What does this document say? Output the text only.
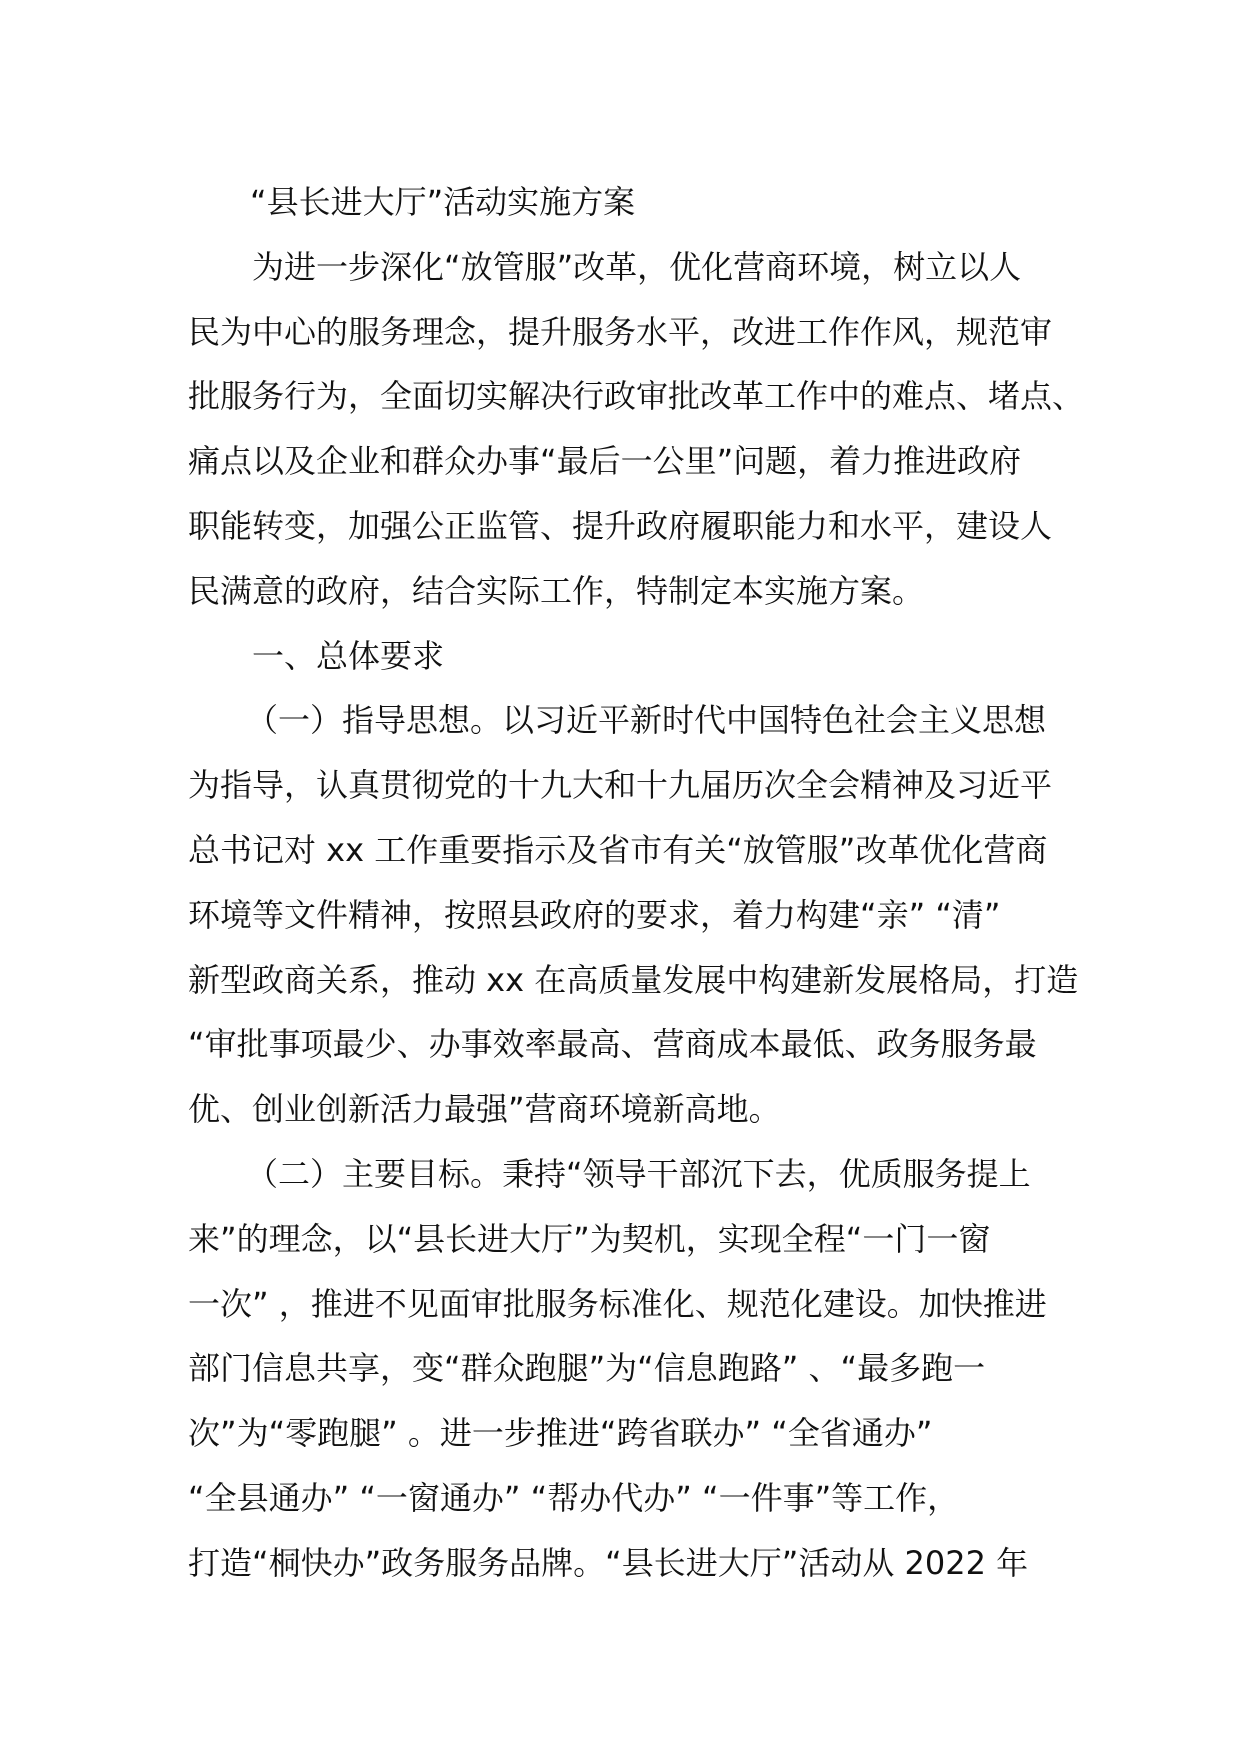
“县长进大厅”活动实施方案
为进一步深化“放管服”改革，优化营商环境，树立以人
民为中心的服务理念，提升服务水平，改进工作作风，规范审
批服务行为，全面切实解决行政审批改革工作中的难点、堵点、
痛点以及企业和群众办事“最后一公里”问题，着力推进政府
职能转变，加强公正监管、提升政府履职能力和水平，建设人
民满意的政府，结合实际工作，特制定本实施方案。
一、总体要求
（一）指导思想。以习近平新时代中国特色社会主义思想
为指导，认真贯彻党的十九大和十九届历次全会精神及习近平
总书记对 xx 工作重要指示及省市有关“放管服”改革优化营商
环境等文件精神，按照县政府的要求，着力构建“亲” “清”
新型政商关系，推动 xx 在高质量发展中构建新发展格局，打造
“审批事项最少、办事效率最高、营商成本最低、政务服务最
优、创业创新活力最强”营商环境新高地。
（二）主要目标。秉持“领导干部沉下去，优质服务提上
来”的理念，以“县长进大厅”为契机，实现全程“一门一窗
一次” ，推进不见面审批服务标准化、规范化建设。加快推进
部门信息共享，变“群众跑腿”为“信息跑路” 、“最多跑一
次”为“零跑腿” 。进一步推进“跨省联办” “全省通办”
“全县通办” “一窗通办” “帮办代办” “一件事”等工作，
打造“桐快办”政务服务品牌。“县长进大厅”活动从 2022 年
